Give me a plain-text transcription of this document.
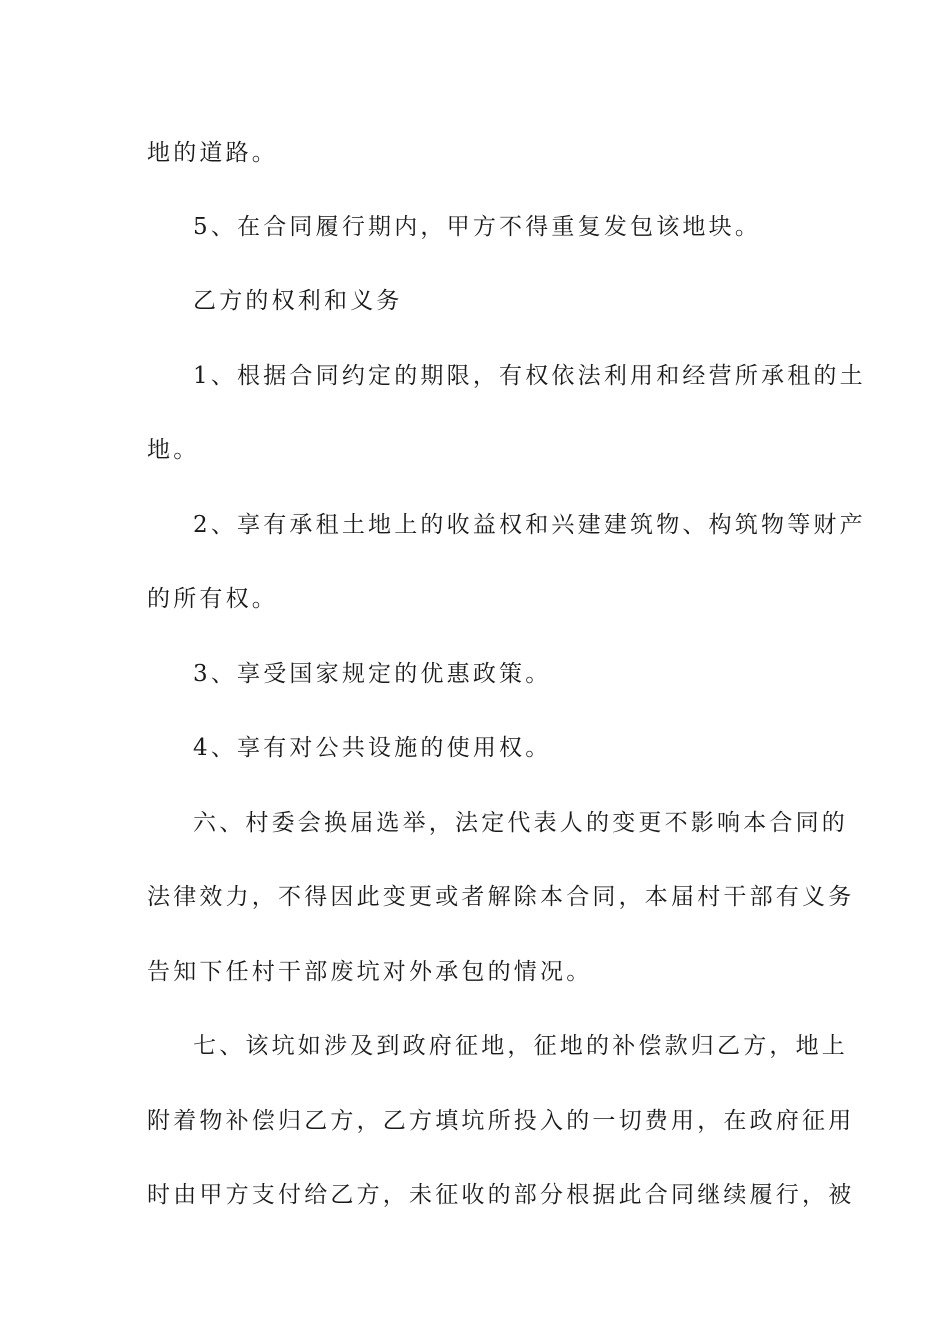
地的道路。
5、在合同履行期内，甲方不得重复发包该地块。
乙方的权利和义务
1、根据合同约定的期限，有权依法利用和经营所承租的土
地。
2、享有承租土地上的收益权和兴建建筑物、构筑物等财产
的所有权。
3、享受国家规定的优惠政策。
4、享有对公共设施的使用权。
六、村委会换届选举，法定代表人的变更不影响本合同的
法律效力，不得因此变更或者解除本合同，本届村干部有义务
告知下任村干部废坑对外承包的情况。
七、该坑如涉及到政府征地，征地的补偿款归乙方，地上
附着物补偿归乙方，乙方填坑所投入的一切费用，在政府征用
时由甲方支付给乙方，未征收的部分根据此合同继续履行，被
